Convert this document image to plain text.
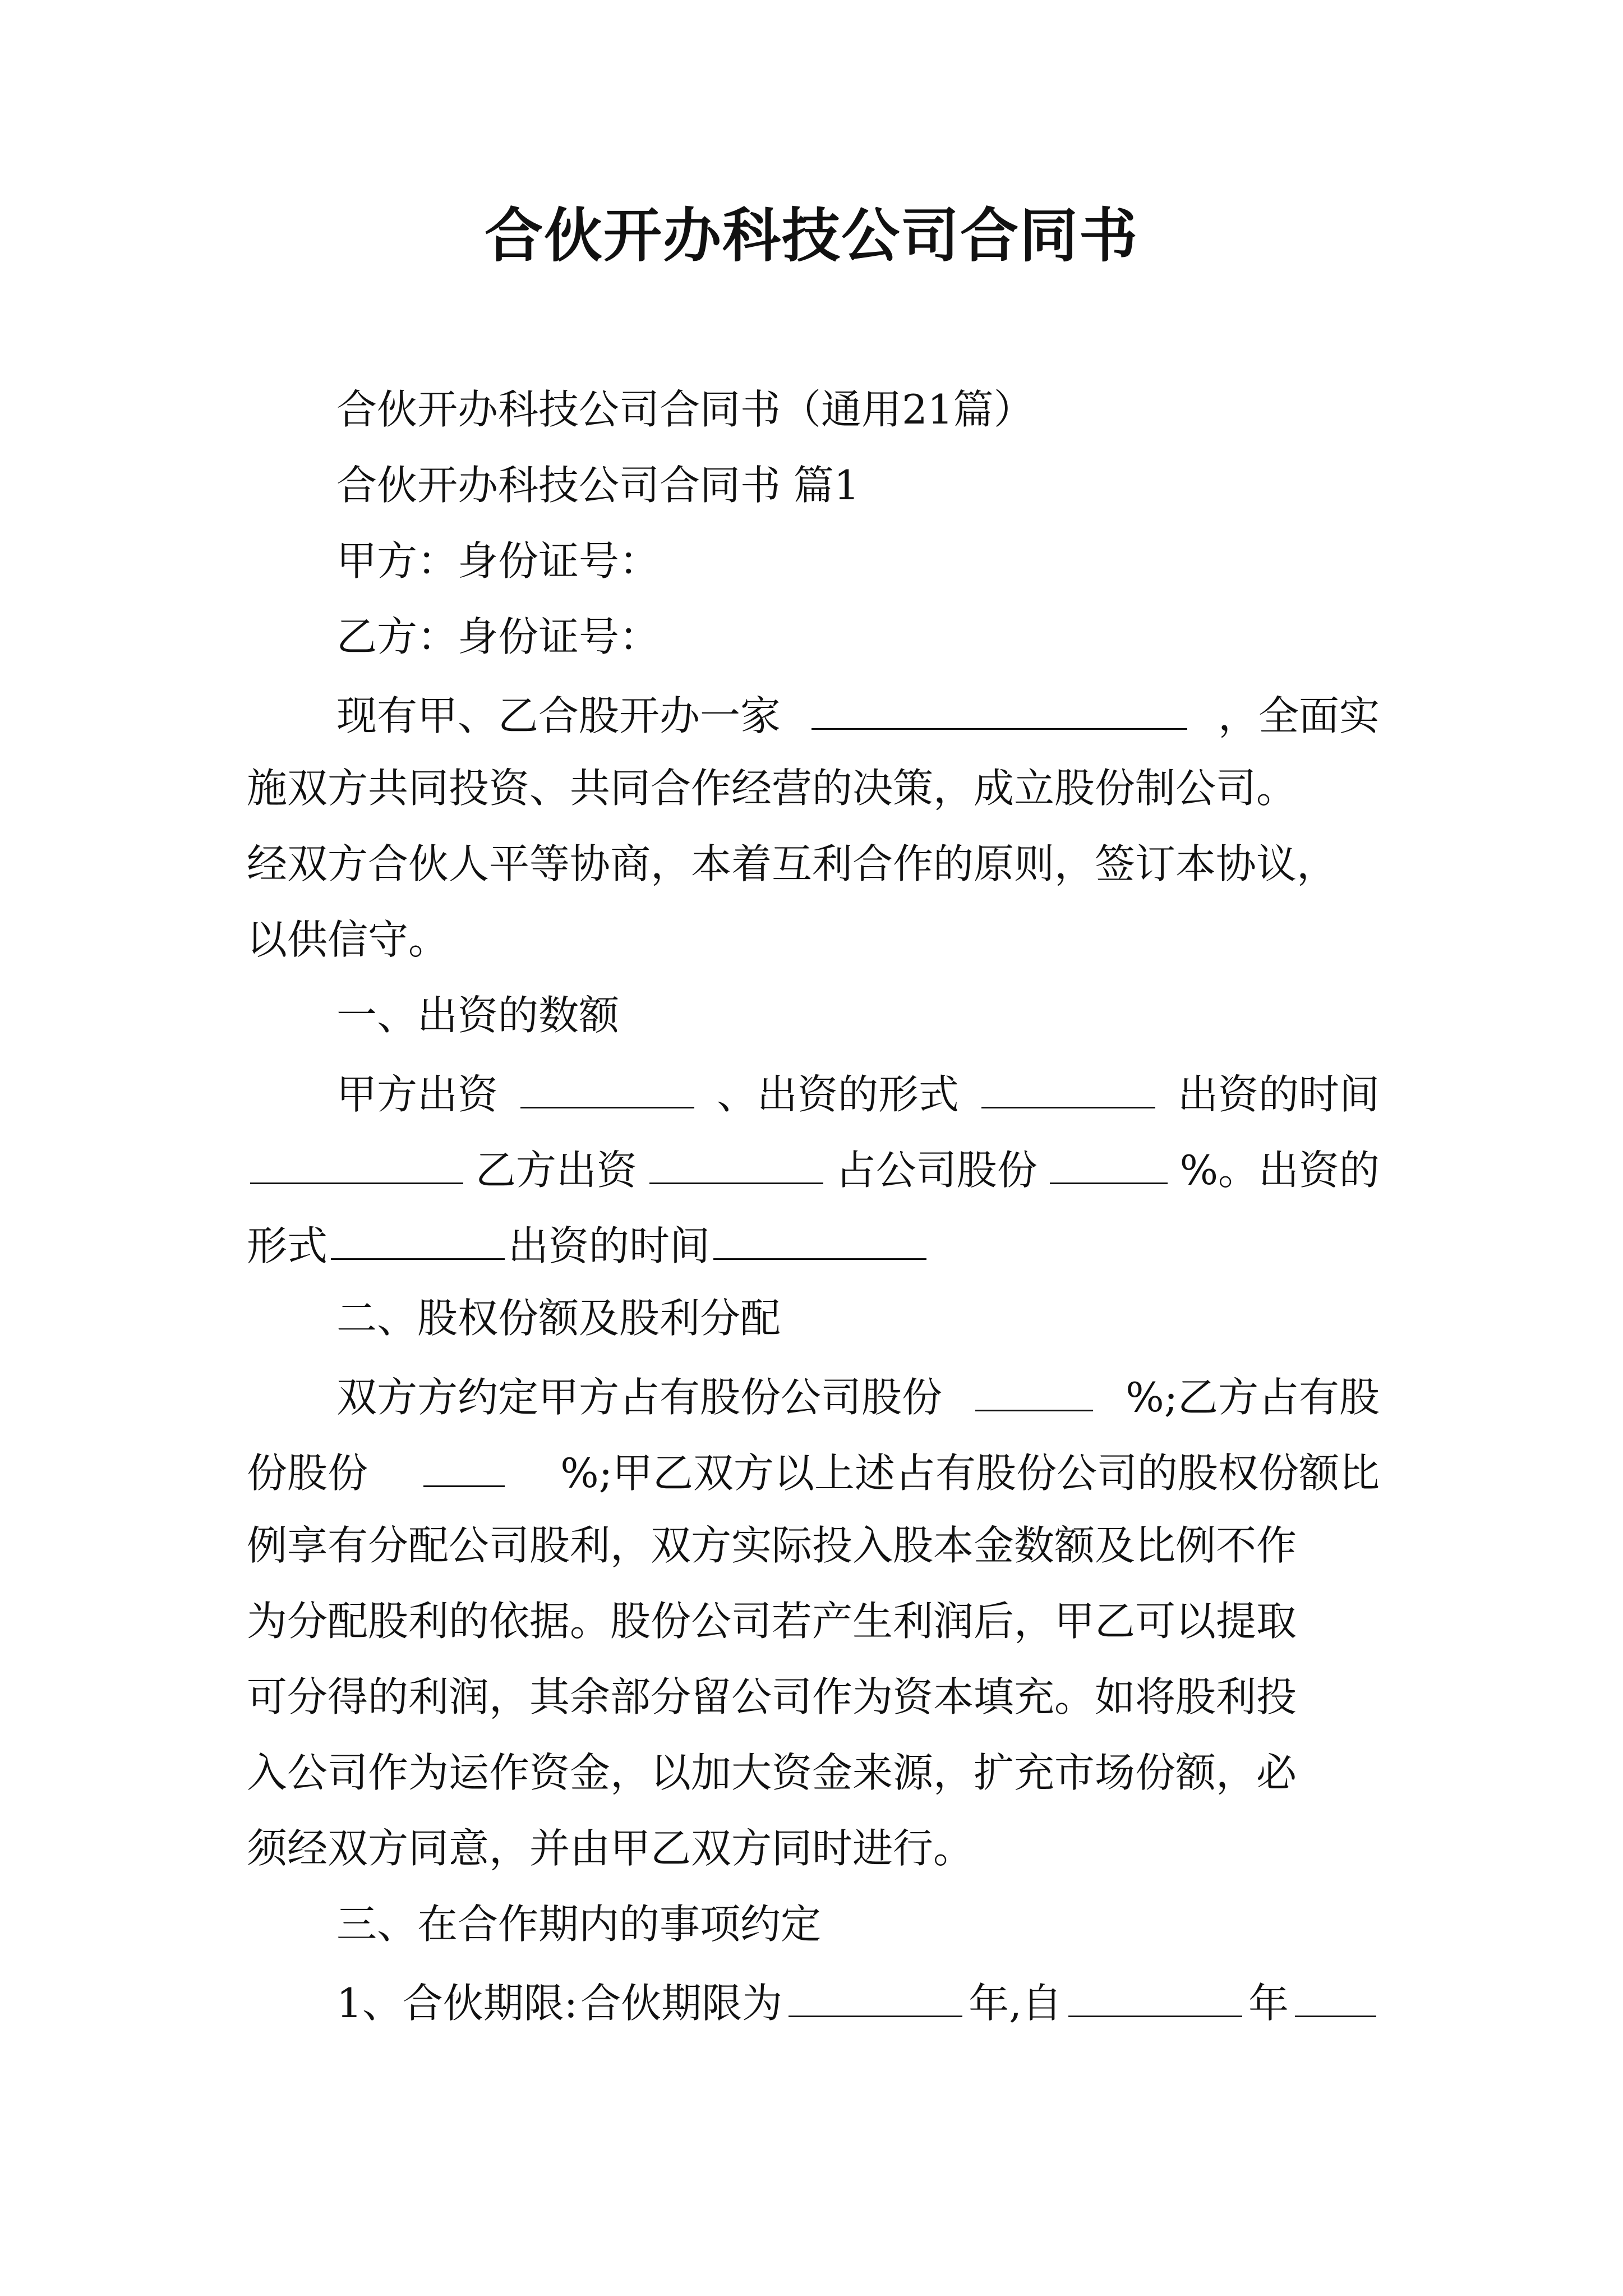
合伙开办科技公司合同书
合伙开办科技公司合同书（通用21篇）
合伙开办科技公司合同书 篇1
甲方：身份证号：
乙方：身份证号：
现有甲、乙合股开办一家	，全面实
施双方共同投资、共同合作经营的决策，成立股份制公司。
经双方合伙人平等协商，本着互利合作的原则，签订本协议，
以供信守。
一、出资的数额
甲方出资	、出资的形式	出资的时间
乙方出资	占公司股份	%。出资的
形式	出资的时间
二、股权份额及股利分配
双方方约定甲方占有股份公司股份	%;乙方占有股
份股份	%;甲乙双方以上述占有股份公司的股权份额比
例享有分配公司股利，双方实际投入股本金数额及比例不作
为分配股利的依据。股份公司若产生利润后，甲乙可以提取
可分得的利润，其余部分留公司作为资本填充。如将股利投
入公司作为运作资金，以加大资金来源，扩充市场份额，必
须经双方同意，并由甲乙双方同时进行。
三、在合作期内的事项约定
1、合伙期限: 合伙期限为	年,自	年
